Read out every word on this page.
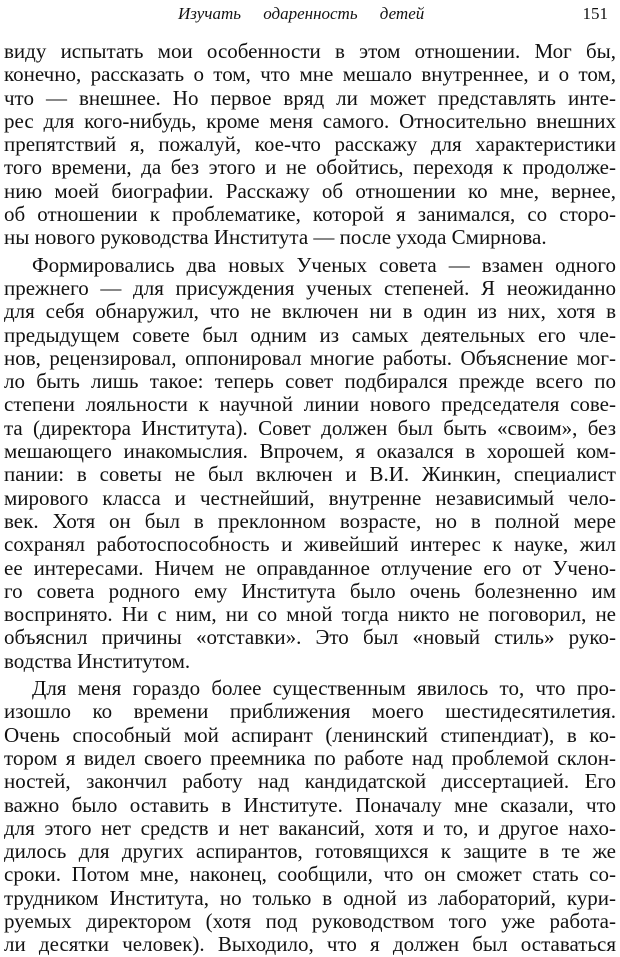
Изучать одаренность детей	151
виду испытать мои особенности в этом отношении. Мог бы,
конечно, рассказать о том, что мне мешало внутреннее, и о том,
что — внешнее. Но первое вряд ли может представлять инте-
рес для кого-нибудь, кроме меня самого. Относительно внешних
препятствий я, пожалуй, кое-что расскажу для характеристики
того времени, да без этого и не обойтись, переходя к продолже-
нию моей биографии. Расскажу об отношении ко мне, вернее,
об отношении к проблематике, которой я занимался, со сторо-
ны нового руководства Института — после ухода Смирнова.
Формировались два новых Ученых совета — взамен одного
прежнего — для присуждения ученых степеней. Я неожиданно
для себя обнаружил, что не включен ни в один из них, хотя в
предыдущем совете был одним из самых деятельных его чле-
нов, рецензировал, оппонировал многие работы. Объяснение мог-
ло быть лишь такое: теперь совет подбирался прежде всего по
степени лояльности к научной линии нового председателя сове-
та (директора Института). Совет должен был быть «своим», без
мешающего инакомыслия. Впрочем, я оказался в хорошей ком-
пании: в советы не был включен и В.И. Жинкин, специалист
мирового класса и честнейший, внутренне независимый чело-
век. Хотя он был в преклонном возрасте, но в полной мере
сохранял работоспособность и живейший интерес к науке, жил
ее интересами. Ничем не оправданное отлучение его от Учено-
го совета родного ему Института было очень болезненно им
воспринято. Ни с ним, ни со мной тогда никто не поговорил, не
объяснил причины «отставки». Это был «новый стиль» руко-
водства Институтом.
Для меня гораздо более существенным явилось то, что про-
изошло ко времени приближения моего шестидесятилетия.
Очень способный мой аспирант (ленинский стипендиат), в ко-
тором я видел своего преемника по работе над проблемой склон-
ностей, закончил работу над кандидатской диссертацией. Его
важно было оставить в Институте. Поначалу мне сказали, что
для этого нет средств и нет вакансий, хотя и то, и другое нахо-
дилось для других аспирантов, готовящихся к защите в те же
сроки. Потом мне, наконец, сообщили, что он сможет стать со-
трудником Института, но только в одной из лабораторий, кури-
руемых директором (хотя под руководством того уже работа-
ли десятки человек). Выходило, что я должен был оставаться
